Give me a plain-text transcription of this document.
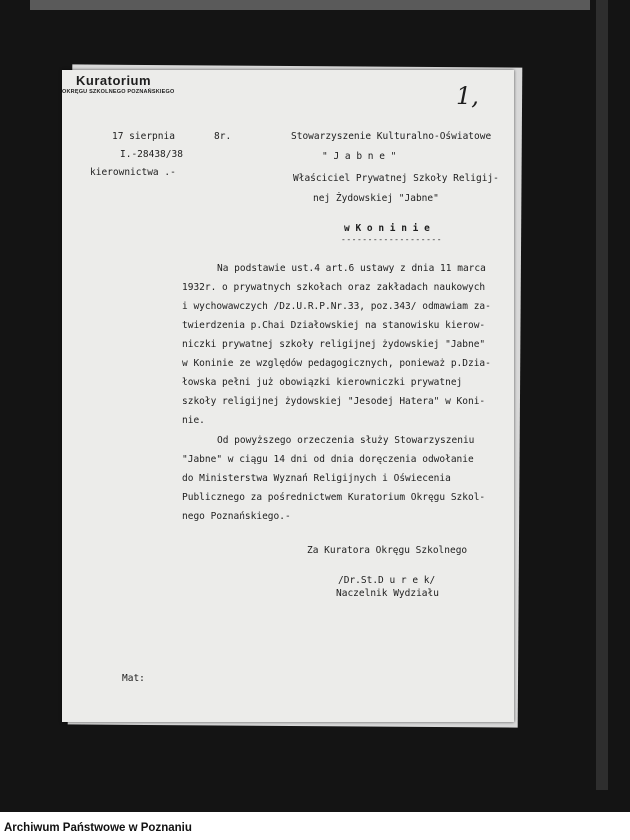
Kuratorium
OKRĘGU SZKOLNEGO POZNAŃSKIEGO	1,
17 sierpnia	8r.
I.-28438/38
kierownictwa .-
Stowarzyszenie Kulturalno-Oświatowe
" J a b n e "
Właściciel Prywatnej Szkoły Religij-
nej Żydowskiej "Jabne"
w K o n i n i e
-------------------
Na podstawie ust.4 art.6 ustawy z dnia 11 marca
1932r. o prywatnych szkołach oraz zakładach naukowych
i wychowawczych /Dz.U.R.P.Nr.33, poz.343/ odmawiam za-
twierdzenia p.Chai Działowskiej na stanowisku kierow-
niczki prywatnej szkoły religijnej żydowskiej "Jabne"
w Koninie ze względów pedagogicznych, ponieważ p.Dzia-
łowska pełni już obowiązki kierowniczki prywatnej
szkoły religijnej żydowskiej "Jesodej Hatera" w Koni-
nie.
Od powyższego orzeczenia służy Stowarzyszeniu
"Jabne" w ciągu 14 dni od dnia doręczenia odwołanie
do Ministerstwa Wyznań Religijnych i Oświecenia
Publicznego za pośrednictwem Kuratorium Okręgu Szkol-
nego Poznańskiego.-
Za Kuratora Okręgu Szkolnego
/Dr.St.D u r e k/
Naczelnik Wydziału
Mat:
Archiwum Państwowe w Poznaniu
